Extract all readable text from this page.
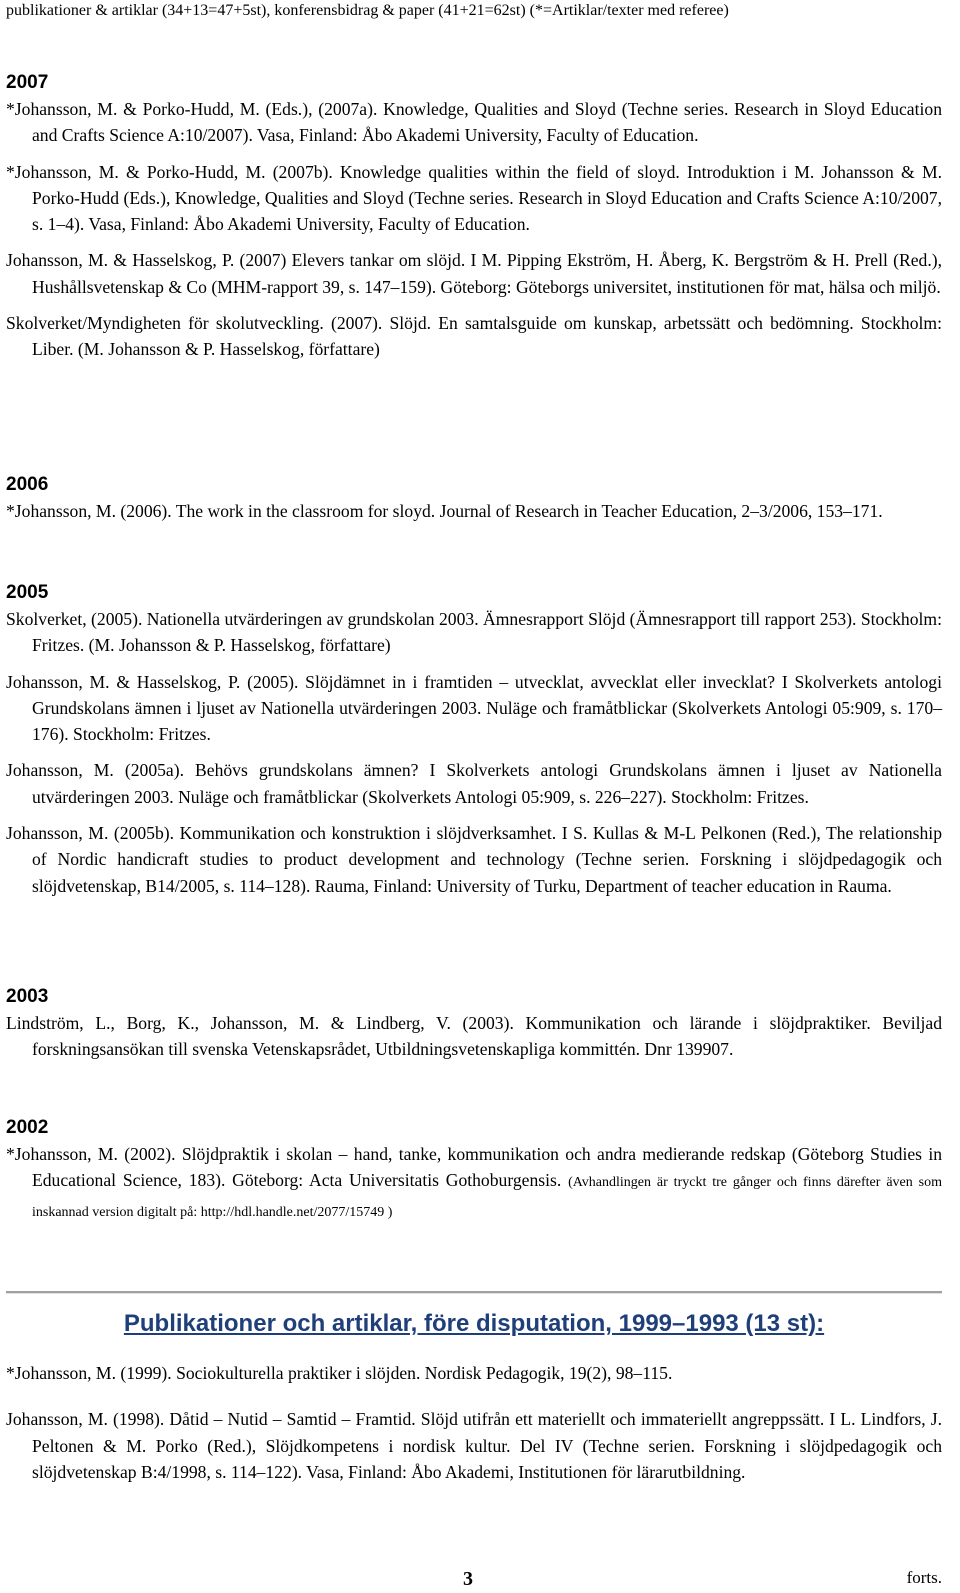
publikationer & artiklar (34+13=47+5st), konferensbidrag & paper (41+21=62st) (*=Artiklar/texter med referee)

2007

*Johansson, M. & Porko-Hudd, M. (Eds.), (2007a). Knowledge, Qualities and Sloyd (Techne series. Research in Sloyd Education and Crafts Science A:10/2007). Vasa, Finland: Åbo Akademi University, Faculty of Education.

*Johansson, M. & Porko-Hudd, M. (2007b). Knowledge qualities within the field of sloyd. Introduktion i M. Johansson & M. Porko-Hudd (Eds.), Knowledge, Qualities and Sloyd (Techne series. Research in Sloyd Education and Crafts Science A:10/2007, s. 1–4). Vasa, Finland: Åbo Akademi University, Faculty of Education.

Johansson, M. & Hasselskog, P. (2007) Elevers tankar om slöjd. I M. Pipping Ekström, H. Åberg, K. Bergström & H. Prell (Red.), Hushållsvetenskap & Co (MHM-rapport 39, s. 147–159). Göteborg: Göteborgs universitet, institutionen för mat, hälsa och miljö.

Skolverket/Myndigheten för skolutveckling. (2007). Slöjd. En samtalsguide om kunskap, arbetssätt och bedömning. Stockholm: Liber. (M. Johansson & P. Hasselskog, författare)

2006

*Johansson, M. (2006). The work in the classroom for sloyd. Journal of Research in Teacher Education, 2–3/2006, 153–171.

2005

Skolverket, (2005). Nationella utvärderingen av grundskolan 2003. Ämnesrapport Slöjd (Ämnesrapport till rapport 253). Stockholm: Fritzes. (M. Johansson & P. Hasselskog, författare)

Johansson, M. & Hasselskog, P. (2005). Slöjdämnet in i framtiden – utvecklat, avvecklat eller invecklat? I Skolverkets antologi Grundskolans ämnen i ljuset av Nationella utvärderingen 2003. Nuläge och framåtblickar (Skolverkets Antologi 05:909, s. 170–176). Stockholm: Fritzes.

Johansson, M. (2005a). Behövs grundskolans ämnen? I Skolverkets antologi Grundskolans ämnen i ljuset av Nationella utvärderingen 2003. Nuläge och framåtblickar (Skolverkets Antologi 05:909, s. 226–227). Stockholm: Fritzes.

Johansson, M. (2005b). Kommunikation och konstruktion i slöjdverksamhet. I S. Kullas & M-L Pelkonen (Red.), The relationship of Nordic handicraft studies to product development and technology (Techne serien. Forskning i slöjdpedagogik och slöjdvetenskap, B14/2005, s. 114–128). Rauma, Finland: University of Turku, Department of teacher education in Rauma.

2003

Lindström, L., Borg, K., Johansson, M. & Lindberg, V. (2003). Kommunikation och lärande i slöjdpraktiker. Beviljad forskningsansökan till svenska Vetenskapsrådet, Utbildningsvetenskapliga kommittén. Dnr 139907.

2002

*Johansson, M. (2002). Slöjdpraktik i skolan – hand, tanke, kommunikation och andra medierande redskap (Göteborg Studies in Educational Science, 183). Göteborg: Acta Universitatis Gothoburgensis. (Avhandlingen är tryckt tre gånger och finns därefter även som inskannad version digitalt på: http://hdl.handle.net/2077/15749 )

Publikationer och artiklar, före disputation, 1999–1993 (13 st):

*Johansson, M. (1999). Sociokulturella praktiker i slöjden. Nordisk Pedagogik, 19(2), 98–115.

Johansson, M. (1998). Dåtid – Nutid – Samtid – Framtid. Slöjd utifrån ett materiellt och immateriellt angreppssätt. I L. Lindfors, J. Peltonen & M. Porko (Red.), Slöjdkompetens i nordisk kultur. Del IV (Techne serien. Forskning i slöjdpedagogik och slöjdvetenskap B:4/1998, s. 114–122). Vasa, Finland: Åbo Akademi, Institutionen för lärarutbildning.

3	forts.
